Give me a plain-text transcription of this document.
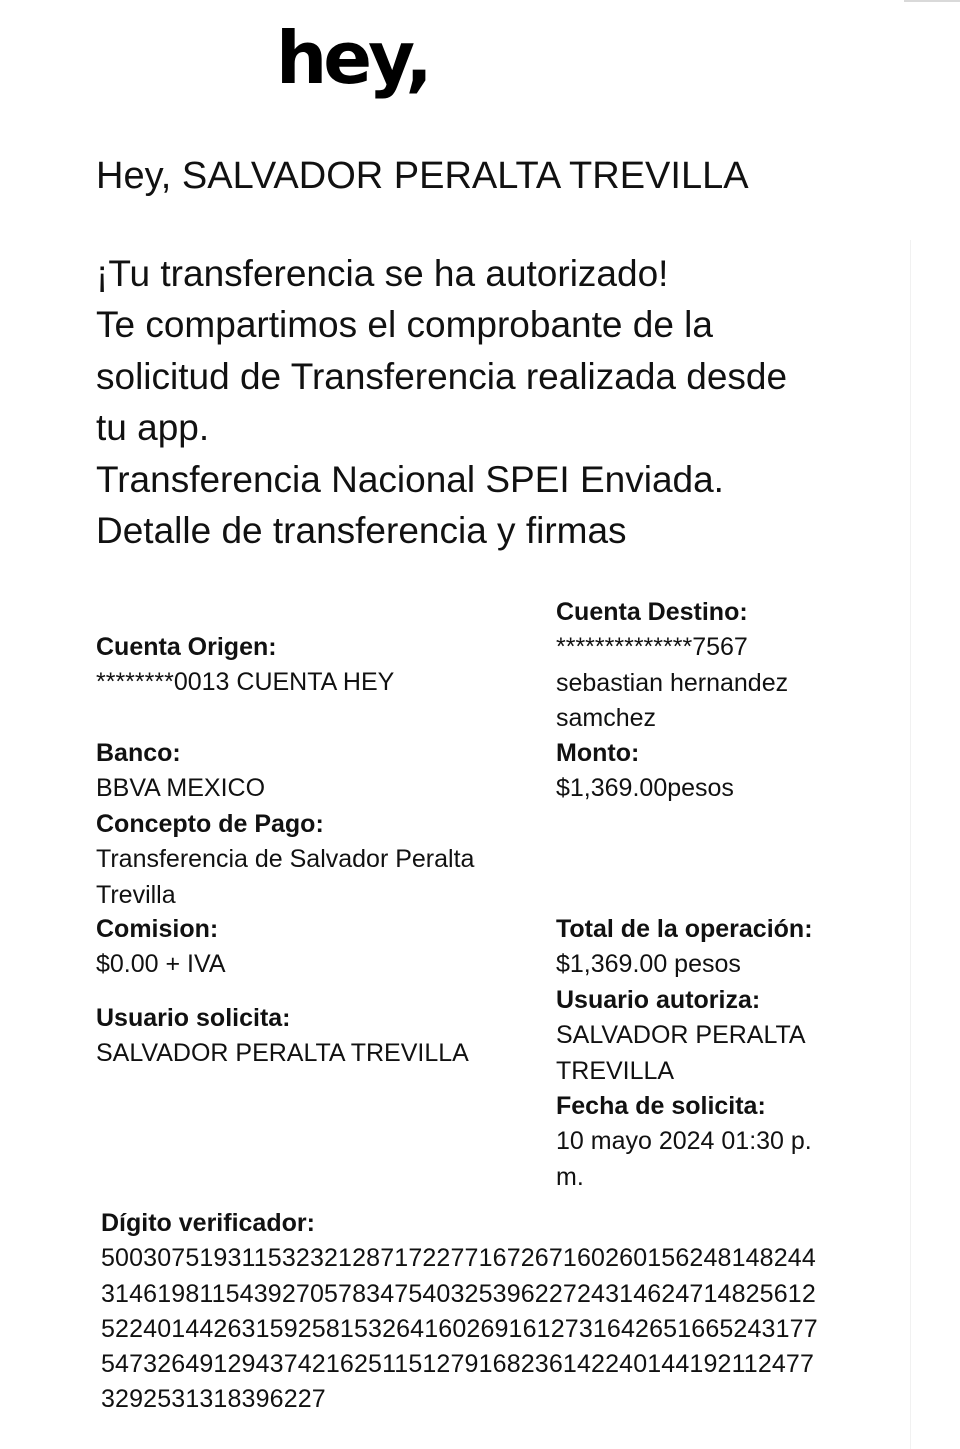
hey,
Hey, SALVADOR PERALTA TREVILLA
¡Tu transferencia se ha autorizado!
Te compartimos el comprobante de la
solicitud de Transferencia realizada desde
tu app.
Transferencia Nacional SPEI Enviada.
Detalle de transferencia y firmas
Cuenta Destino:
**************7567
sebastian hernandez
samchez
Monto:
$1,369.00pesos
Total de la operación:
$1,369.00 pesos
Usuario autoriza:
SALVADOR PERALTA
TREVILLA
Fecha de solicita:
10 mayo 2024 01:30 p.
m.
Cuenta Origen:
********0013 CUENTA HEY
Banco:
BBVA MEXICO
Concepto de Pago:
Transferencia de Salvador Peralta
Trevilla
Comision:
$0.00 + IVA
Usuario solicita:
SALVADOR PERALTA TREVILLA
Dígito verificador:
500307519311532321287172277167267160260156248148244
314619811543927057834754032539622724314624714825612
522401442631592581532641602691612731642651665243177
547326491294374216251151279168236142240144192112477
3292531318396227
